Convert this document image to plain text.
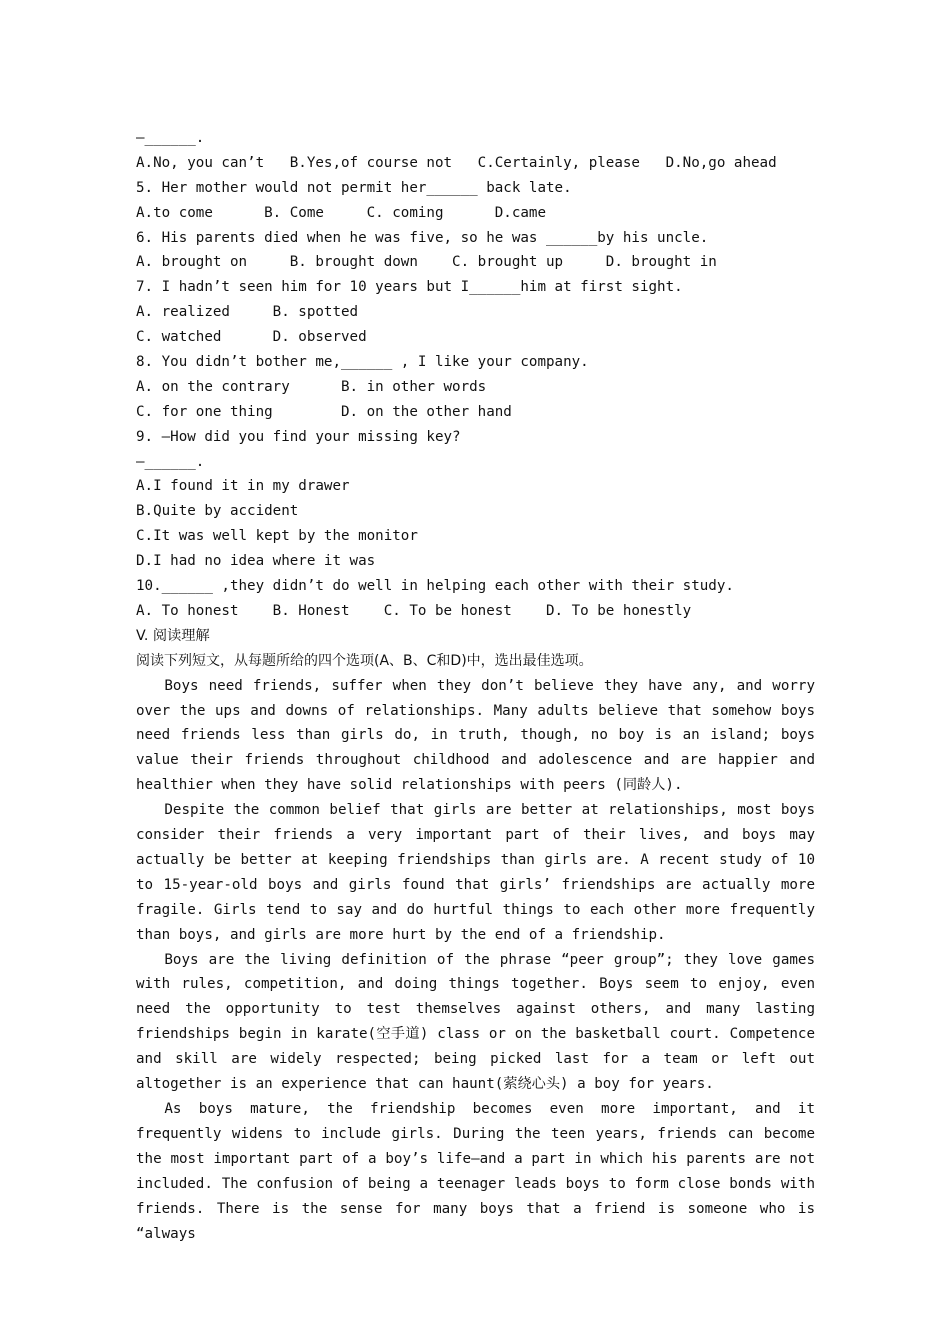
—______.
A.No, you can’t   B.Yes,of course not   C.Certainly, please   D.No,go ahead
5. Her mother would not permit her______ back late.
A.to come      B. Come     C. coming      D.came
6. His parents died when he was five, so he was ______by his uncle.
A. brought on     B. brought down    C. brought up     D. brought in
7. I hadn’t seen him for 10 years but I______him at first sight.
A. realized     B. spotted
C. watched      D. observed
8. You didn’t bother me,______ , I like your company.
A. on the contrary      B. in other words
C. for one thing        D. on the other hand
9. —How did you find your missing key?
—______.
A.I found it in my drawer
B.Quite by accident
C.It was well kept by the monitor
D.I had no idea where it was
10.______ ,they didn’t do well in helping each other with their study.
A. To honest    B. Honest    C. To be honest    D. To be honestly
V. 阅读理解
阅读下列短文，从每题所给的四个选项(A、B、C和D)中，选出最佳选项。
Boys need friends, suffer when they don’t believe they have any, and worry over the ups and downs of relationships. Many adults believe that somehow boys need friends less than girls do, in truth, though, no boy is an island; boys value their friends throughout childhood and adolescence and are happier and healthier when they have solid relationships with peers (同龄人).
Despite the common belief that girls are better at relationships, most boys consider their friends a very important part of their lives, and boys may actually be better at keeping friendships than girls are. A recent study of 10 to 15-year-old boys and girls found that girls’ friendships are actually more fragile. Girls tend to say and do hurtful things to each other more frequently than boys, and girls are more hurt by the end of a friendship.
Boys are the living definition of the phrase “peer group”; they love games with rules, competition, and doing things together. Boys seem to enjoy, even need the opportunity to test themselves against others, and many lasting friendships begin in karate(空手道) class or on the basketball court. Competence and skill are widely respected; being picked last for a team or left out altogether is an experience that can haunt(萦绕心头) a boy for years.
As boys mature, the friendship becomes even more important, and it frequently widens to include girls. During the teen years, friends can become the most important part of a boy’s life—and a part in which his parents are not included. The confusion of being a teenager leads boys to form close bonds with friends. There is the sense for many boys that a friend is someone who is “always
